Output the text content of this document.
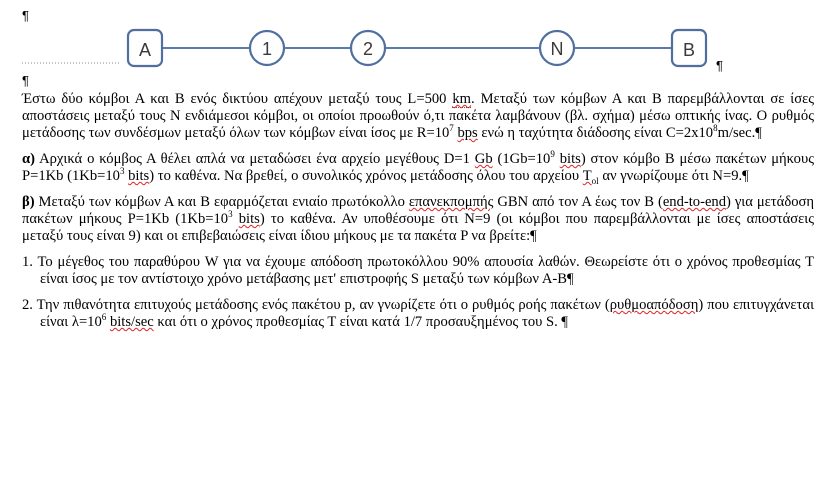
¶
¶
¶
A	1	2	N	B

Έστω δύο κόμβοι Α και Β ενός δικτύου απέχουν μεταξύ τους L=500 km. Μεταξύ των κόμβων Α και Β παρεμβάλλονται σε ίσες αποστάσεις μεταξύ τους Ν ενδιάμεσοι κόμβοι, οι οποίοι προωθούν ό,τι πακέτα λαμβάνουν (βλ. σχήμα) μέσω οπτικής ίνας. Ο ρυθμός μετάδοσης των συνδέσμων μεταξύ όλων των κόμβων είναι ίσος με $R=10^7$ bps ενώ η ταχύτητα διάδοσης είναι $C=2x10^8m/\sec.\P$

α) Αρχικά ο κόμβος Α θέλει απλά να μεταδώσει ένα αρχείο μεγέθους D=1 Gb ($1Gb=10^9$ bits) στον κόμβο Β μέσω πακέτων μήκους P=1Kb ($1Kb=10^3$ bits) το καθένα. Να βρεθεί, ο συνολικός χρόνος μετάδοσης όλου του αρχείου $T_{ol}$ αν γνωρίζουμε ότι N=9.¶

β) Μεταξύ των κόμβων Α και Β εφαρμόζεται ενιαίο πρωτόκολλο επανεκπομπής GBN από τον Α έως τον Β (end-to-end) για μετάδοση πακέτων μήκους P=1Kb ($1Kb=10^3$ bits) το καθένα. Αν υποθέσουμε ότι N=9 (οι κόμβοι που παρεμβάλλονται με ίσες αποστάσεις μεταξύ τους είναι 9) και οι επιβεβαιώσεις είναι ίδιου μήκους με τα πακέτα P να βρείτε:¶

1. Το μέγεθος του παραθύρου W για να έχουμε απόδοση πρωτοκόλλου 90% απουσία λαθών. Θεωρείστε ότι ο χρόνος προθεσμίας Τ είναι ίσος με τον αντίστοιχο χρόνο μετάβασης μετ' επιστροφής S μεταξύ των κόμβων Α-Β¶

2. Την πιθανότητα επιτυχούς μετάδοσης ενός πακέτου p, αν γνωρίζετε ότι ο ρυθμός ροής πακέτων (ρυθμοαπόδοση) που επιτυγχάνεται είναι $\lambda=10^6$ bits/sec και ότι ο χρόνος προθεσμίας Τ είναι κατά 1/7 προσαυξημένος του S. ¶
